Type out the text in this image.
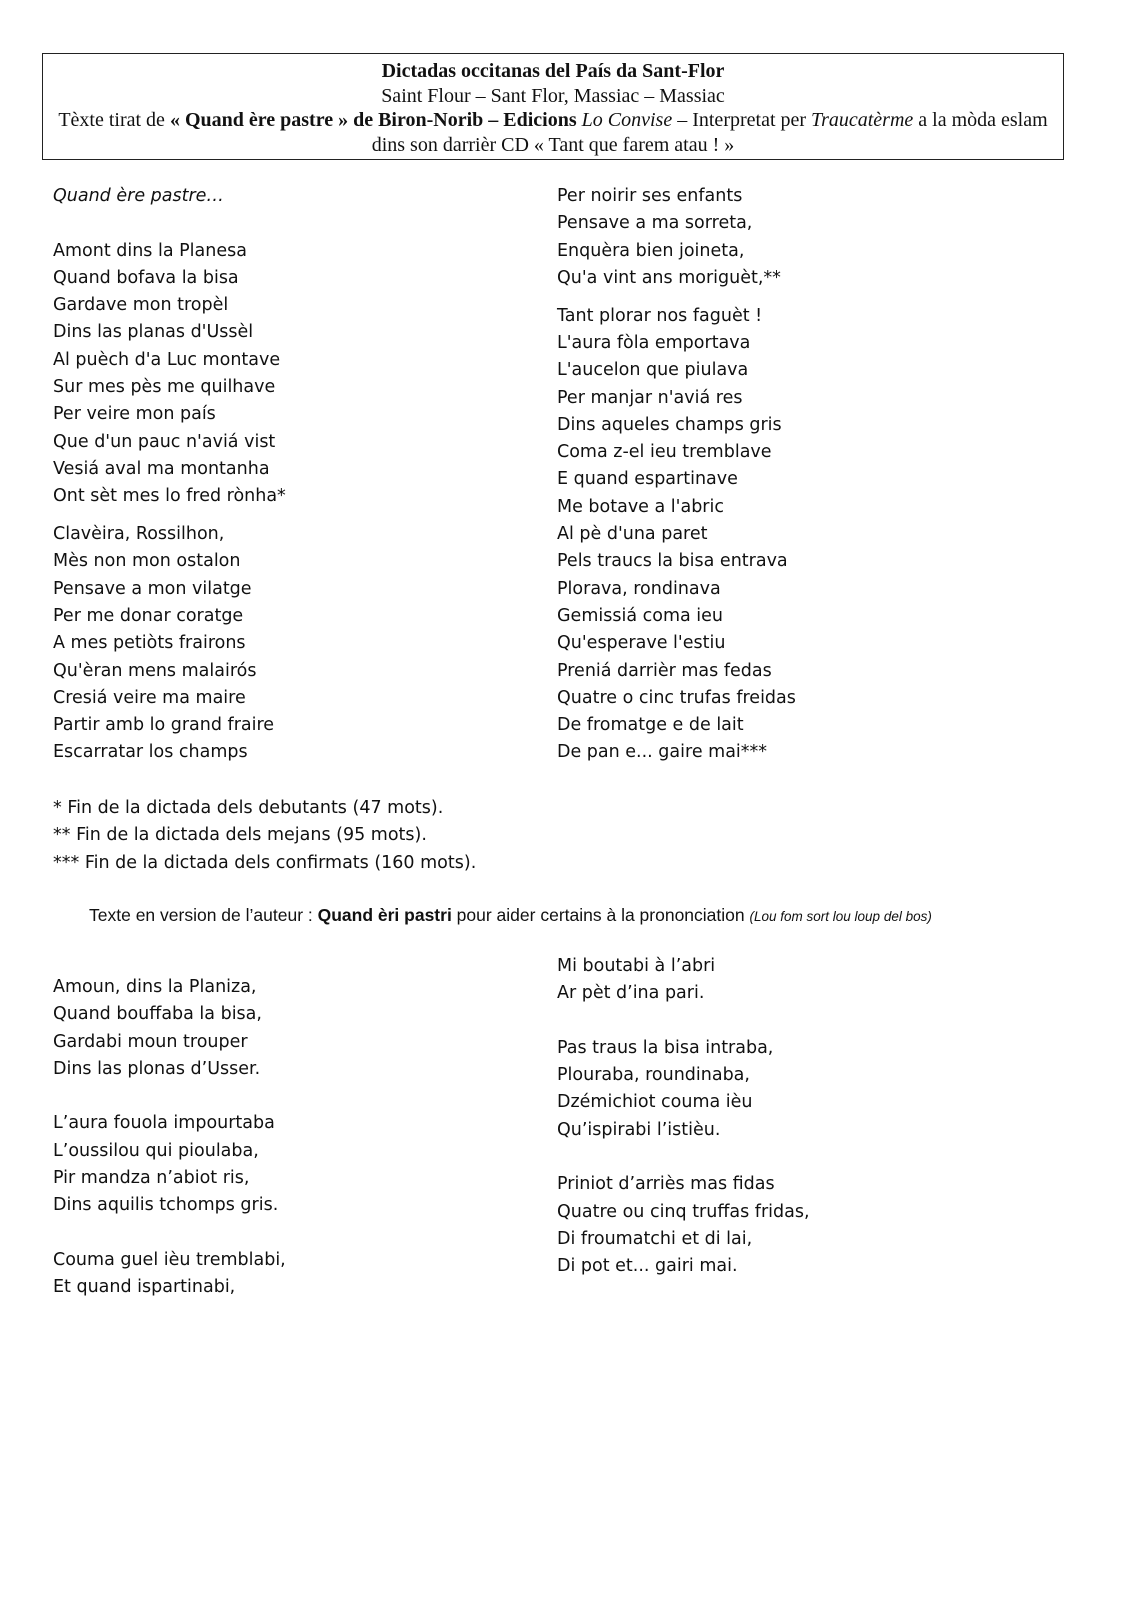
Dictadas occitanas del País da Sant-Flor
Saint Flour – Sant Flor, Massiac – Massiac
Tèxte tirat de « Quand ère pastre » de Biron-Norib – Edicions Lo Convise – Interpretat per Traucatèrme a la mòda eslam dins son darrièr CD « Tant que farem atau ! »
Quand ère pastre…
Amont dins la Planesa
Quand bofava la bisa
Gardave mon tropèl
Dins las planas d'Ussèl
Al puèch d'a Luc montave
Sur mes pès me quilhave
Per veire mon país
Que d'un pauc n'aviá vist
Vesiá aval ma montanha
Ont sèt mes lo fred rònha*
Clavèira, Rossilhon,
Mès non mon ostalon
Pensave a mon vilatge
Per me donar coratge
A mes petiòts frairons
Qu'èran mens malairós
Cresiá veire ma maire
Partir amb lo grand fraire
Escarratar los champs
Per noirir ses enfants
Pensave a ma sorreta,
Enquèra bien joineta,
Qu'a vint ans moriguèt,**
Tant plorar nos faguèt !
L'aura fòla emportava
L'aucelon que piulava
Per manjar n'aviá res
Dins aqueles champs gris
Coma z-el ieu tremblave
E quand espartinave
Me botave a l'abric
Al pè d'una paret
Pels traucs la bisa entrava
Plorava, rondinava
Gemissiá coma ieu
Qu'esperave l'estiu
Preniá darrièr mas fedas
Quatre o cinc trufas freidas
De fromatge e de lait
De pan e... gaire mai***
* Fin de la dictada dels debutants (47 mots).
** Fin de la dictada dels mejans (95 mots).
*** Fin de la dictada dels confirmats (160 mots).
Texte en version de l’auteur : Quand èri pastri pour aider certains à la prononciation (Lou fom sort lou loup del bos)
Amoun, dins la Planiza,
Quand bouffaba la bisa,
Gardabi moun trouper
Dins las plonas d’Usser.
L’aura fouola impourtaba
L’oussilou qui pioulaba,
Pir mandza n’abiot ris,
Dins aquilis tchomps gris.
Couma guel ièu tremblabi,
Et quand ispartinabi,
Mi boutabi à l’abri
Ar pèt d’ina pari.
Pas traus la bisa intraba,
Plouraba, roundinaba,
Dzémichiot couma ièu
Qu’ispirabi l’istièu.
Priniot d’arriès mas fidas
Quatre ou cinq truffas fridas,
Di froumatchi et di lai,
Di pot et... gairi mai.
